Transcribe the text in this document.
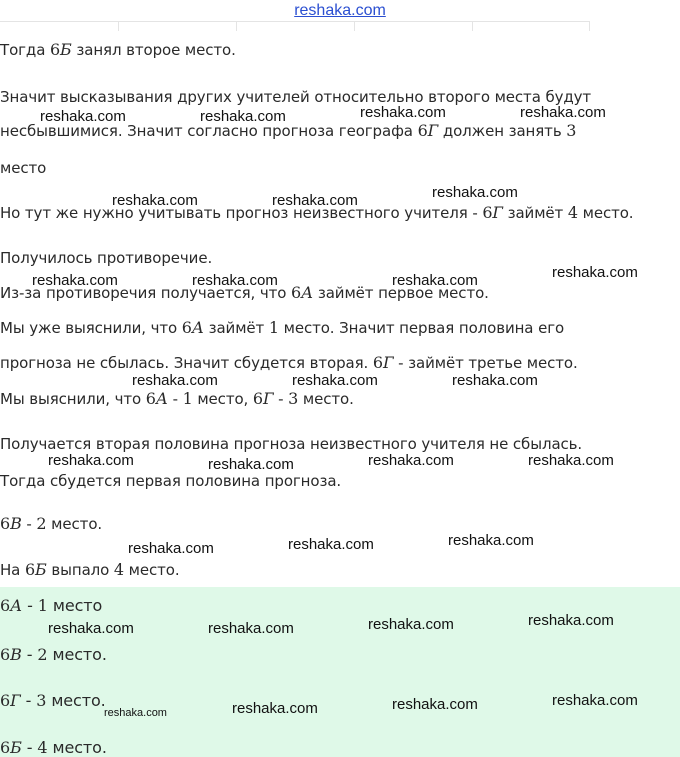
reshaka.com
Тогда 6Б занял второе место.
Значит высказывания других учителей относительно второго места будут
несбывшимися. Значит согласно прогноза географа 6Г должен занять 3
место
Но тут же нужно учитывать прогноз неизвестного учителя - 6Г займёт 4 место.
Получилось противоречие.
Из-за противоречия получается, что 6А займёт первое место.
Мы уже выяснили, что 6А займёт 1 место. Значит первая половина его
прогноза не сбылась. Значит сбудется вторая. 6Г - займёт третье место.
Мы выяснили, что 6А - 1 место, 6Г - 3 место.
Получается вторая половина прогноза неизвестного учителя не сбылась.
Тогда сбудется первая половина прогноза.
6В - 2 место.
На 6Б выпало 4 место.
6А - 1 место
6В - 2 место.
6Г - 3 место.
6Б - 4 место.
reshaka.com	reshaka.com	reshaka.com	reshaka.com
reshaka.com	reshaka.com	reshaka.com
reshaka.com	reshaka.com	reshaka.com	reshaka.com
reshaka.com	reshaka.com	reshaka.com
reshaka.com	reshaka.com	reshaka.com	reshaka.com
reshaka.com	reshaka.com	reshaka.com
reshaka.com	reshaka.com	reshaka.com	reshaka.com
reshaka.com	reshaka.com	reshaka.com	reshaka.com
